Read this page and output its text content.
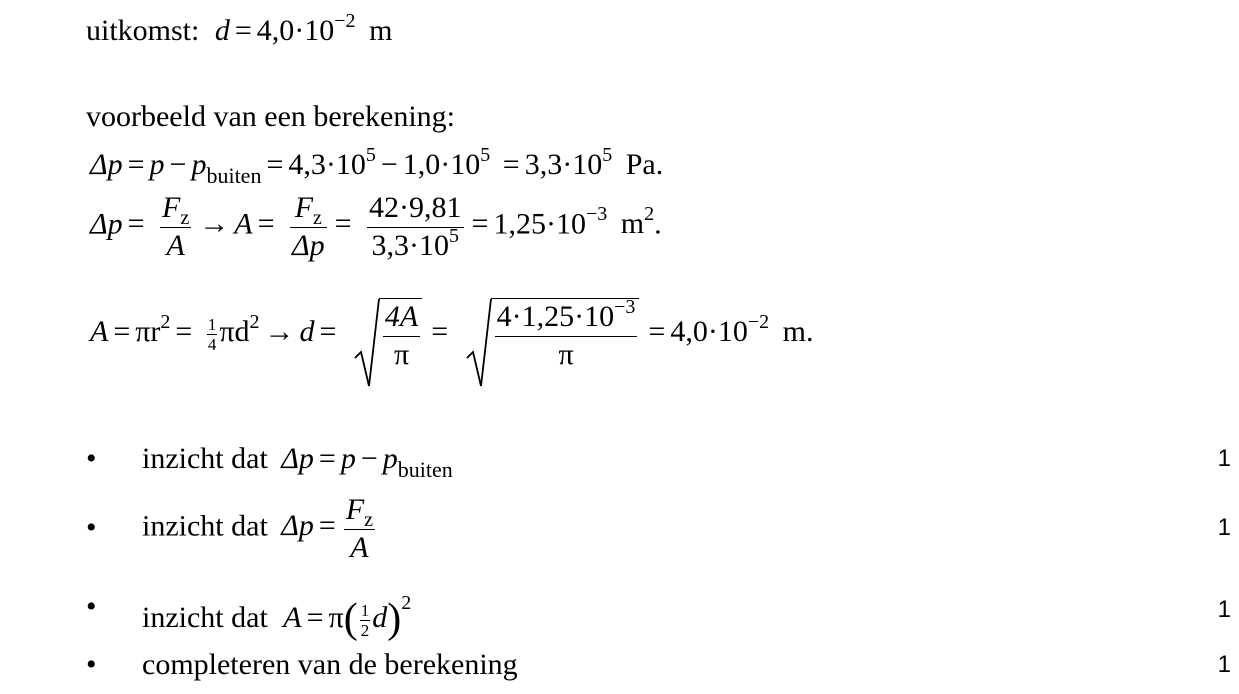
uitkomst: $d = 4,0\cdot 10^{-2}$ m
voorbeeld van een berekening:
$\Delta p = p - p_{buiten} = 4,3\cdot 10^5 - 1,0\cdot 10^5 = 3,3\cdot 10^5$ Pa.
$\Delta p = \frac{F_z}{A} \to A = \frac{F_z}{\Delta p} = \frac{42\cdot 9,81}{3,3\cdot 10^5} = 1,25\cdot 10^{-3}$ $m^2$.
$A = \pi r^2 = \frac{1}{4} \pi d^2 \to d = \frac{4A}{\pi} = \frac{4\cdot 1,25\cdot 10^{-3}}{\pi} = 4,0\cdot 10^{-2}$ m.
• inzicht dat $\Delta p = p - p_{buiten}$	1
• inzicht dat $\Delta p = \frac{F_z}{A}$	1
• inzicht dat $A = \pi( \frac{1}{2} d)^2$	1
• completeren van de berekening	1
